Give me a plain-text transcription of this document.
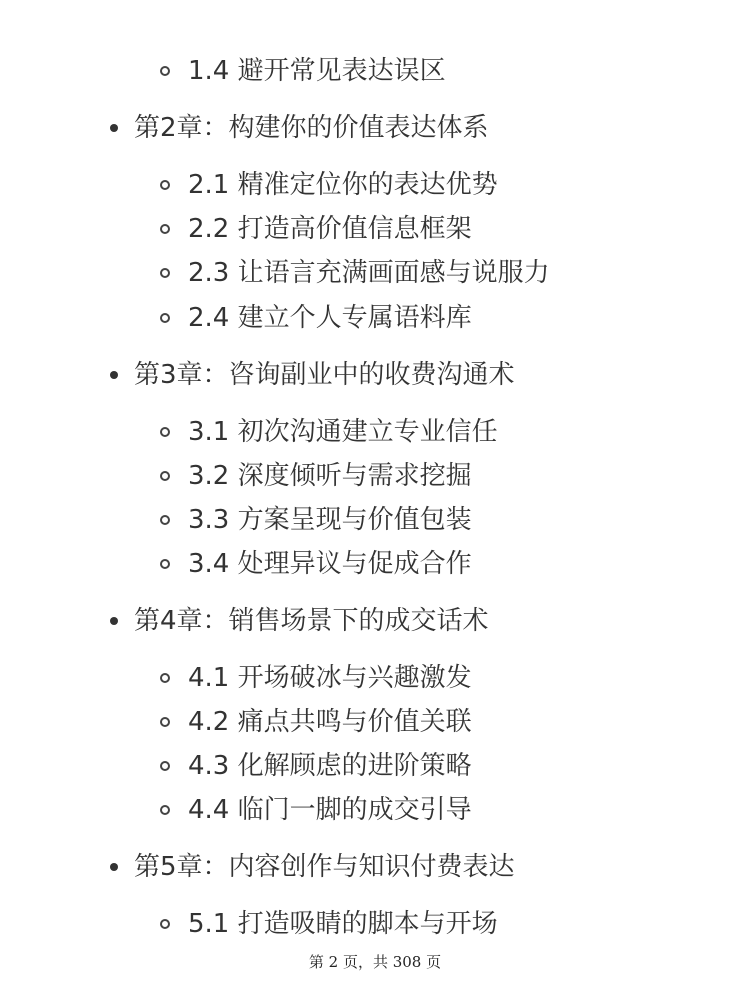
1.4 避开常见表达误区
第2章：构建你的价值表达体系
2.1 精准定位你的表达优势
2.2 打造高价值信息框架
2.3 让语言充满画面感与说服力
2.4 建立个人专属语料库
第3章：咨询副业中的收费沟通术
3.1 初次沟通建立专业信任
3.2 深度倾听与需求挖掘
3.3 方案呈现与价值包装
3.4 处理异议与促成合作
第4章：销售场景下的成交话术
4.1 开场破冰与兴趣激发
4.2 痛点共鸣与价值关联
4.3 化解顾虑的进阶策略
4.4 临门一脚的成交引导
第5章：内容创作与知识付费表达
5.1 打造吸睛的脚本与开场
第 2 页，共 308 页
